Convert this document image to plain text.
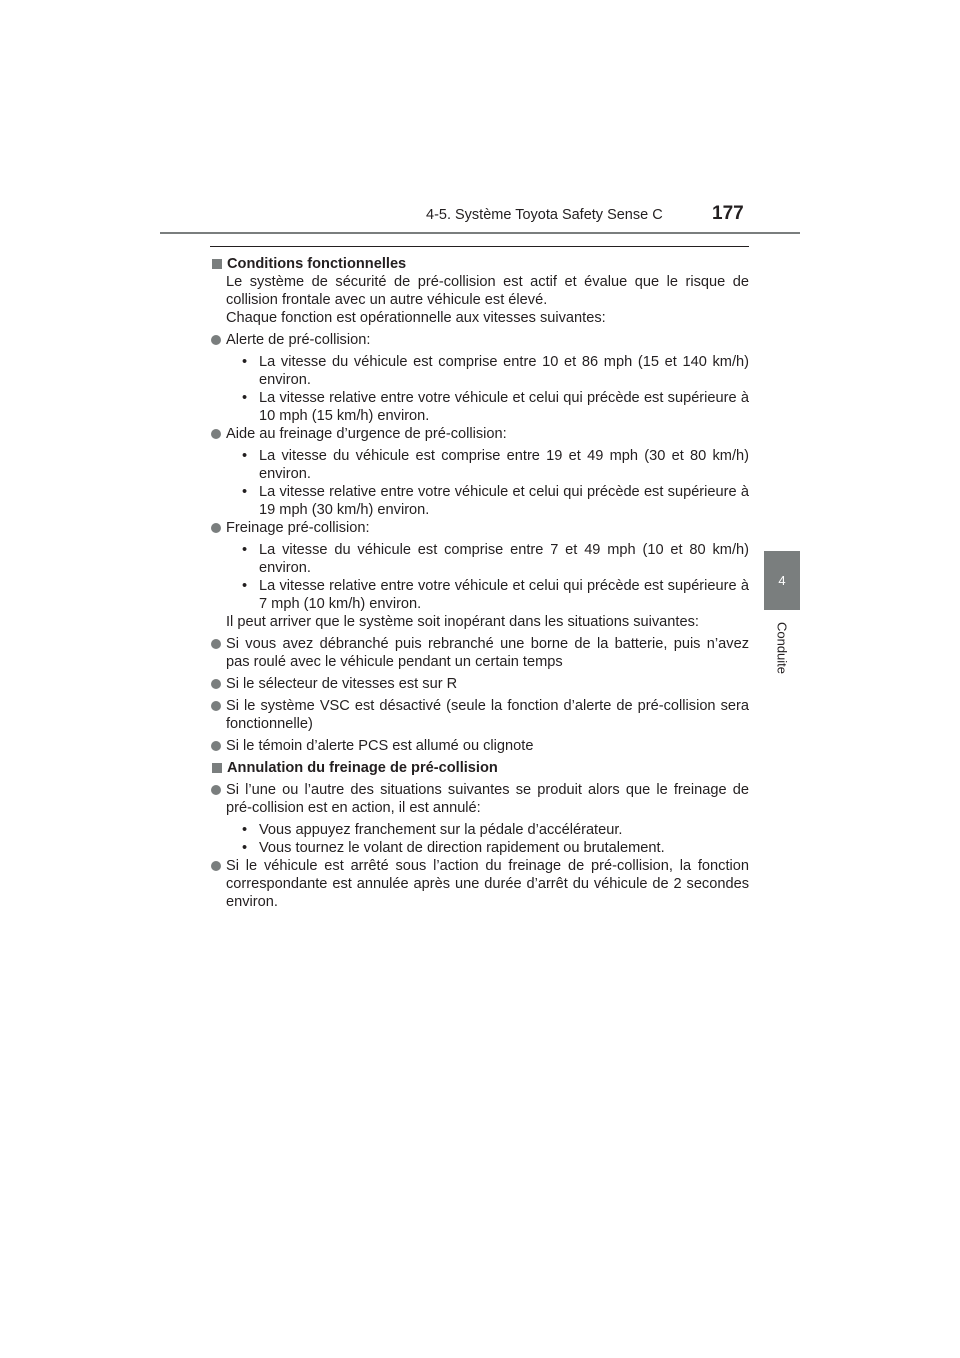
4-5. Système Toyota Safety Sense C	177
4
Conduite
Conditions fonctionnelles

Le système de sécurité de pré-collision est actif et évalue que le risque de collision frontale avec un autre véhicule est élevé.

Chaque fonction est opérationnelle aux vitesses suivantes:

Alerte de pré-collision:
• La vitesse du véhicule est comprise entre 10 et 86 mph (15 et 140 km/h) environ.
• La vitesse relative entre votre véhicule et celui qui précède est supérieure à 10 mph (15 km/h) environ.
Aide au freinage d’urgence de pré-collision:
• La vitesse du véhicule est comprise entre 19 et 49 mph (30 et 80 km/h) environ.
• La vitesse relative entre votre véhicule et celui qui précède est supérieure à 19 mph (30 km/h) environ.
Freinage pré-collision:
• La vitesse du véhicule est comprise entre 7 et 49 mph (10 et 80 km/h) environ.
• La vitesse relative entre votre véhicule et celui qui précède est supérieure à 7 mph (10 km/h) environ.

Il peut arriver que le système soit inopérant dans les situations suivantes:

Si vous avez débranché puis rebranché une borne de la batterie, puis n’avez pas roulé avec le véhicule pendant un certain temps
Si le sélecteur de vitesses est sur R
Si le système VSC est désactivé (seule la fonction d’alerte de pré-collision sera fonctionnelle)
Si le témoin d’alerte PCS est allumé ou clignote
Annulation du freinage de pré-collision
Si l’une ou l’autre des situations suivantes se produit alors que le freinage de pré-collision est en action, il est annulé:
• Vous appuyez franchement sur la pédale d’accélérateur.
• Vous tournez le volant de direction rapidement ou brutalement.
Si le véhicule est arrêté sous l’action du freinage de pré-collision, la fonction correspondante est annulée après une durée d’arrêt du véhicule de 2 secondes environ.
